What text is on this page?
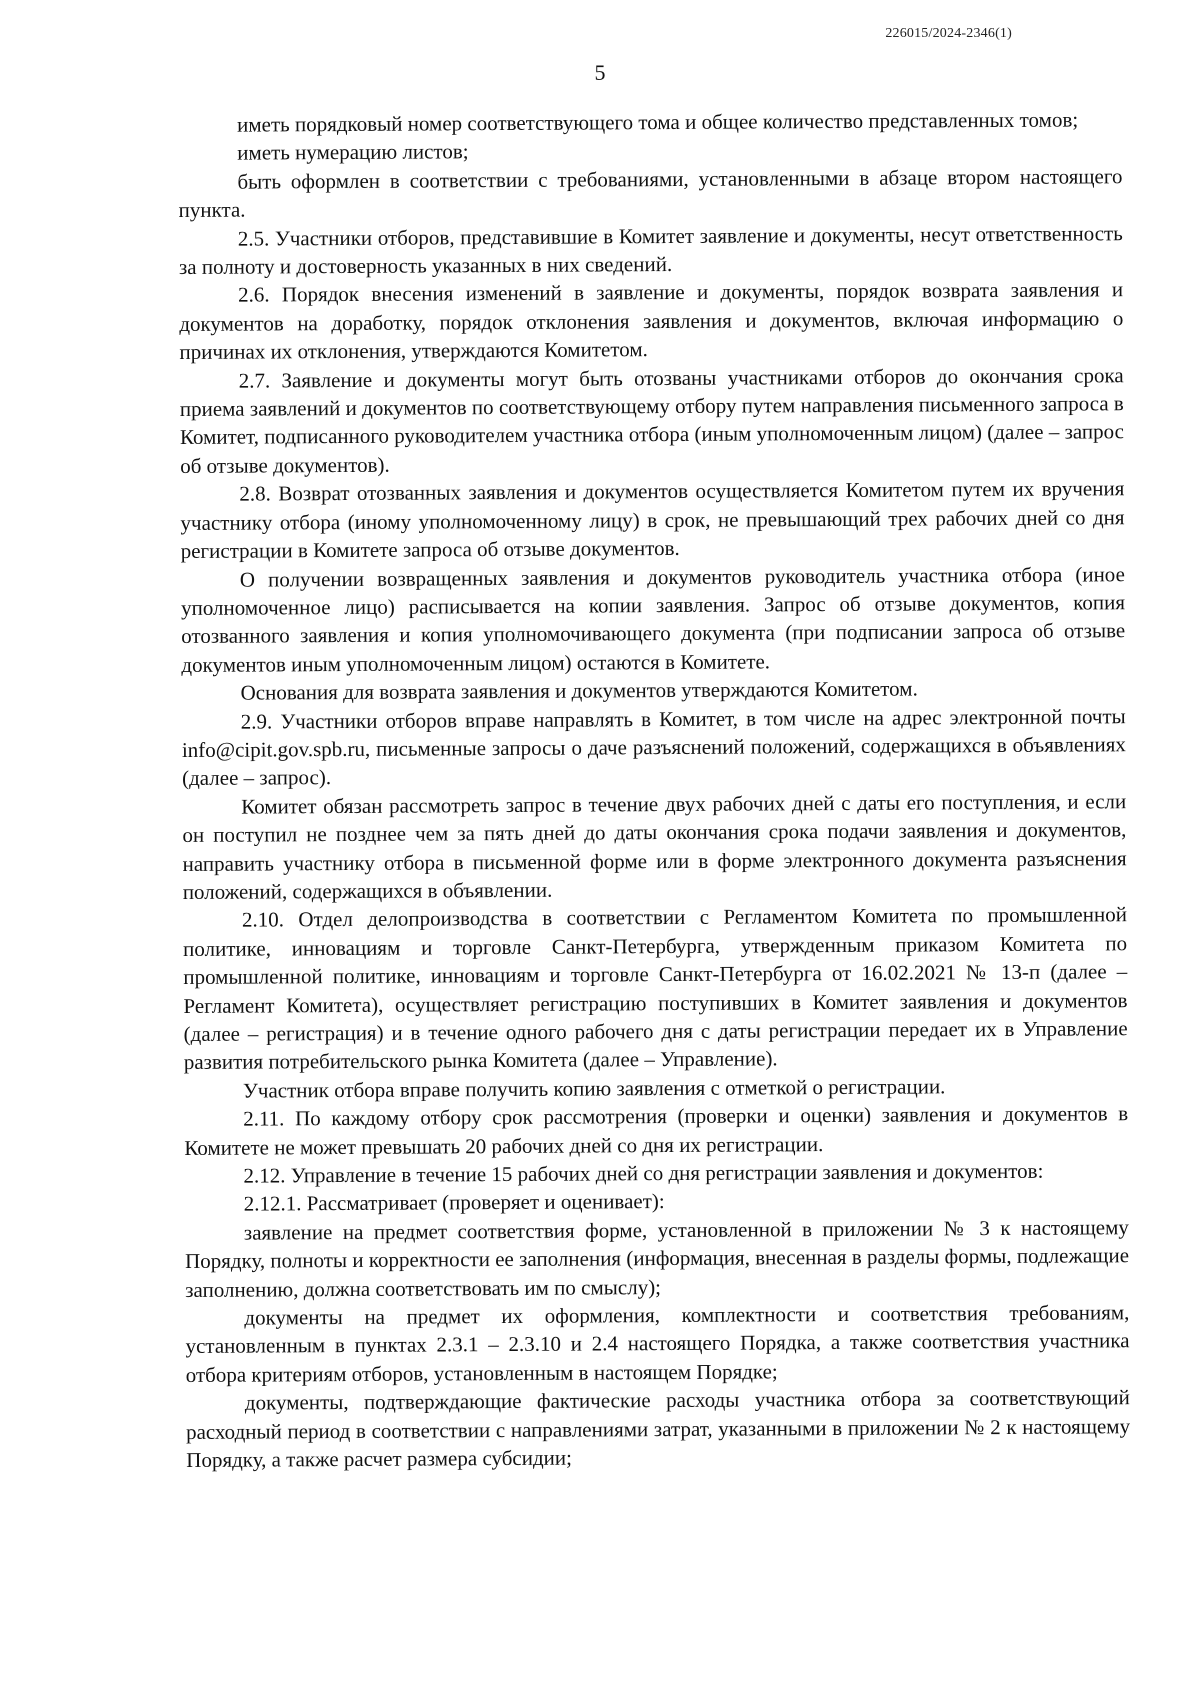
226015/2024-2346(1)
5

иметь порядковый номер соответствующего тома и общее количество представленных томов;

иметь нумерацию листов;

быть оформлен в соответствии с требованиями, установленными в абзаце втором настоящего пункта.

2.5. Участники отборов, представившие в Комитет заявление и документы, несут ответственность за полноту и достоверность указанных в них сведений.

2.6. Порядок внесения изменений в заявление и документы, порядок возврата заявления и документов на доработку, порядок отклонения заявления и документов, включая информацию о причинах их отклонения, утверждаются Комитетом.

2.7. Заявление и документы могут быть отозваны участниками отборов до окончания срока приема заявлений и документов по соответствующему отбору путем направления письменного запроса в Комитет, подписанного руководителем участника отбора (иным уполномоченным лицом) (далее – запрос об отзыве документов).

2.8. Возврат отозванных заявления и документов осуществляется Комитетом путем их вручения участнику отбора (иному уполномоченному лицу) в срок, не превышающий трех рабочих дней со дня регистрации в Комитете запроса об отзыве документов.

О получении возвращенных заявления и документов руководитель участника отбора (иное уполномоченное лицо) расписывается на копии заявления. Запрос об отзыве документов, копия отозванного заявления и копия уполномочивающего документа (при подписании запроса об отзыве документов иным уполномоченным лицом) остаются в Комитете.

Основания для возврата заявления и документов утверждаются Комитетом.

2.9. Участники отборов вправе направлять в Комитет, в том числе на адрес электронной почты info@cipit.gov.spb.ru, письменные запросы о даче разъяснений положений, содержащихся в объявлениях (далее – запрос).

Комитет обязан рассмотреть запрос в течение двух рабочих дней с даты его поступления, и если он поступил не позднее чем за пять дней до даты окончания срока подачи заявления и документов, направить участнику отбора в письменной форме или в форме электронного документа разъяснения положений, содержащихся в объявлении.

2.10. Отдел делопроизводства в соответствии с Регламентом Комитета по промышленной политике, инновациям и торговле Санкт-Петербурга, утвержденным приказом Комитета по промышленной политике, инновациям и торговле Санкт-Петербурга от 16.02.2021 № 13-п (далее – Регламент Комитета), осуществляет регистрацию поступивших в Комитет заявления и документов (далее – регистрация) и в течение одного рабочего дня с даты регистрации передает их в Управление развития потребительского рынка Комитета (далее – Управление).

Участник отбора вправе получить копию заявления с отметкой о регистрации.

2.11. По каждому отбору срок рассмотрения (проверки и оценки) заявления и документов в Комитете не может превышать 20 рабочих дней со дня их регистрации.

2.12. Управление в течение 15 рабочих дней со дня регистрации заявления и документов:

2.12.1. Рассматривает (проверяет и оценивает):

заявление на предмет соответствия форме, установленной в приложении № 3 к настоящему Порядку, полноты и корректности ее заполнения (информация, внесенная в разделы формы, подлежащие заполнению, должна соответствовать им по смыслу);

документы на предмет их оформления, комплектности и соответствия требованиям, установленным в пунктах 2.3.1 – 2.3.10 и 2.4 настоящего Порядка, а также соответствия участника отбора критериям отборов, установленным в настоящем Порядке;

документы, подтверждающие фактические расходы участника отбора за соответствующий расходный период в соответствии с направлениями затрат, указанными в приложении № 2 к настоящему Порядку, а также расчет размера субсидии;
